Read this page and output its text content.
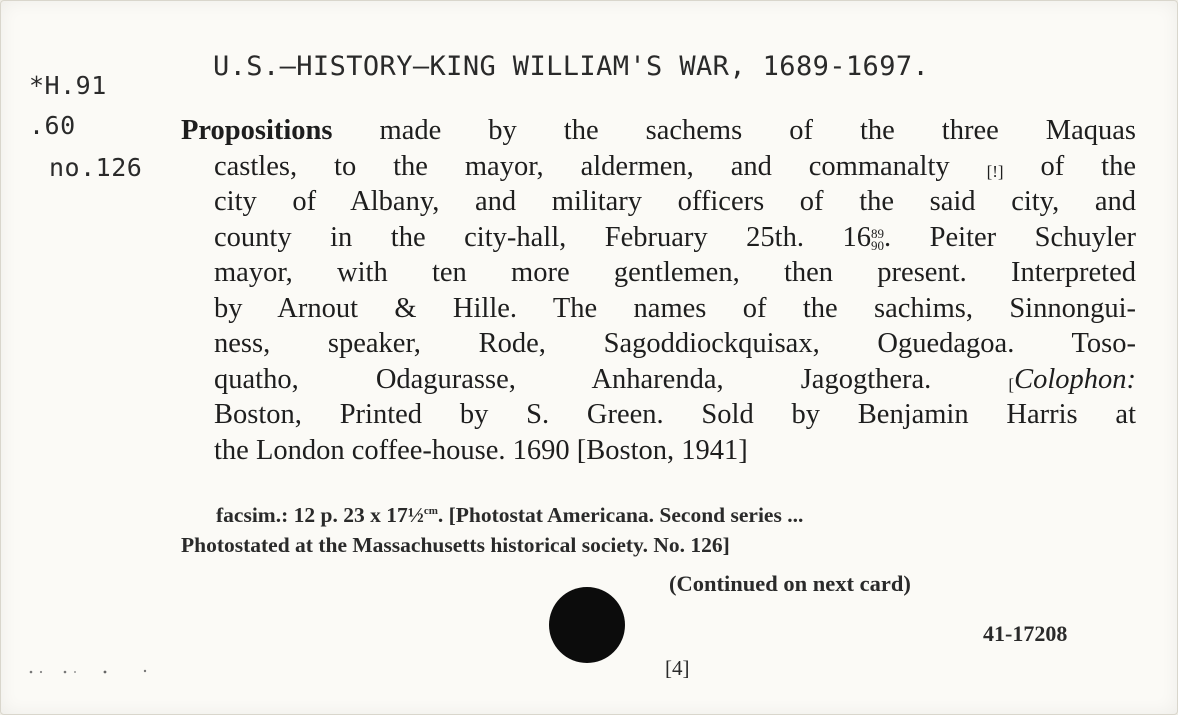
*H.91
.60
no.126
U.S.—HISTORY—KING WILLIAM'S WAR, 1689-1697.
Propositions made by the sachems of the three Maquas
castles, to the mayor, aldermen, and commanalty [!] of the
city of Albany, and military officers of the said city, and
county in the city-hall, February 25th. 16 89
90 . Peiter Schuyler
mayor, with ten more gentlemen, then present. Interpreted
by Arnout & Hille. The names of the sachims, Sinnongui-
ness, speaker, Rode, Sagoddiockquisax, Oguedagoa. Toso-
quatho, Odagurasse, Anharenda, Jagogthera. [Colophon:
Boston, Printed by S. Green. Sold by Benjamin Harris at
the London coffee-house. 1690 [Boston, 1941]
facsim.: 12 p. 23 x 17½$^{cm}$. [Photostat Americana. Second series ...
Photostated at the Massachusetts historical society. No. 126]
(Continued on next card)
41-17208
[4]
